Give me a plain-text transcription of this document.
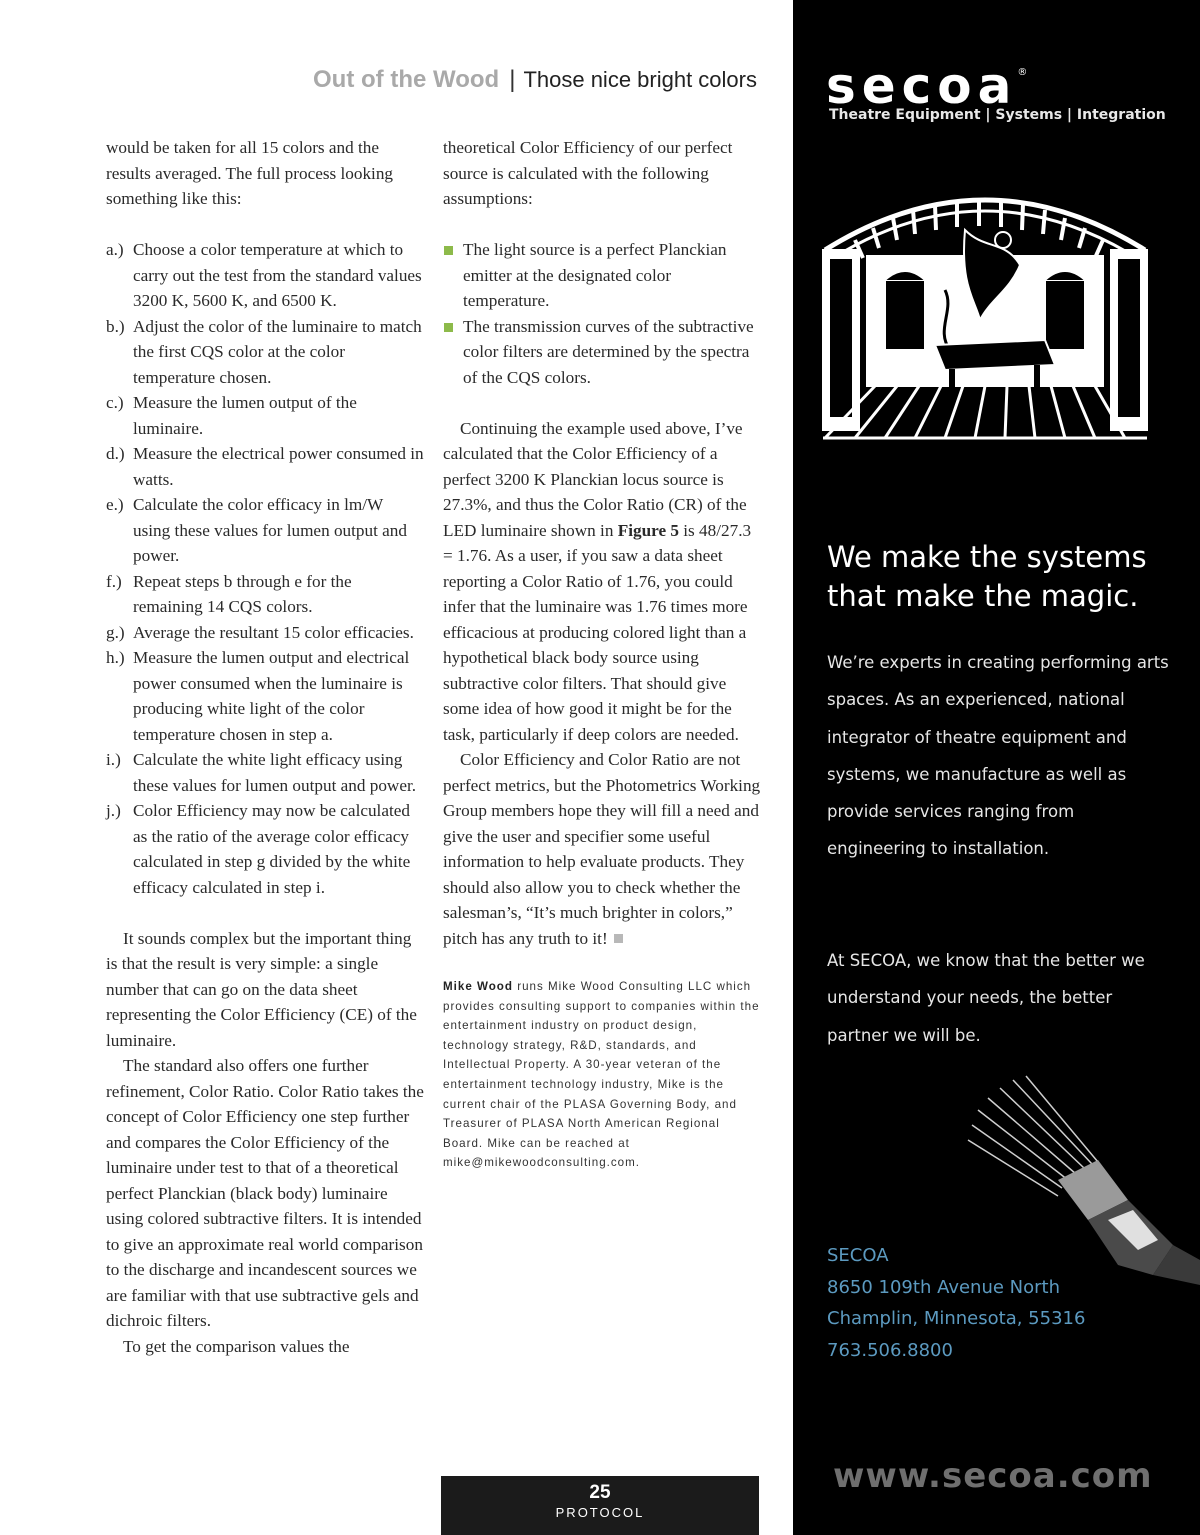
Out of the Wood | Those nice bright colors

would be taken for all 15 colors and the results averaged. The full process looking something like this:

a.) Choose a color temperature at which to carry out the test from the standard values 3200 K, 5600 K, and 6500 K.
b.) Adjust the color of the luminaire to match the first CQS color at the color temperature chosen.
c.) Measure the lumen output of the luminaire.
d.) Measure the electrical power consumed in watts.
e.) Calculate the color efficacy in lm/W using these values for lumen output and power.
f.) Repeat steps b through e for the remaining 14 CQS colors.
g.) Average the resultant 15 color efficacies.
h.) Measure the lumen output and electrical power consumed when the luminaire is producing white light of the color temperature chosen in step a.
i.) Calculate the white light efficacy using these values for lumen output and power.
j.) Color Efficiency may now be calculated as the ratio of the average color efficacy calculated in step g divided by the white efficacy calculated in step i.

It sounds complex but the important thing is that the result is very simple: a single number that can go on the data sheet representing the Color Efficiency (CE) of the luminaire.

The standard also offers one further refinement, Color Ratio. Color Ratio takes the concept of Color Efficiency one step further and compares the Color Efficiency of the luminaire under test to that of a theoretical perfect Planckian (black body) luminaire using colored subtractive filters. It is intended to give an approximate real world comparison to the discharge and incandescent sources we are familiar with that use subtractive gels and dichroic filters.

To get the comparison values the

theoretical Color Efficiency of our perfect source is calculated with the following assumptions:

The light source is a perfect Planckian emitter at the designated color temperature.
The transmission curves of the subtractive color filters are determined by the spectra of the CQS colors.

Continuing the example used above, I’ve calculated that the Color Efficiency of a perfect 3200 K Planckian locus source is 27.3%, and thus the Color Ratio (CR) of the LED luminaire shown in Figure 5 is 48/27.3 = 1.76. As a user, if you saw a data sheet reporting a Color Ratio of 1.76, you could infer that the luminaire was 1.76 times more efficacious at producing colored light than a hypothetical black body source using subtractive color filters. That should give some idea of how good it might be for the task, particularly if deep colors are needed.

Color Efficiency and Color Ratio are not perfect metrics, but the Photometrics Working Group members hope they will fill a need and give the user and specifier some useful information to help evaluate products. They should also allow you to check whether the salesman’s, “It’s much brighter in colors,” pitch has any truth to it!

Mike Wood runs Mike Wood Consulting LLC which provides consulting support to companies within the entertainment industry on product design, technology strategy, R&D, standards, and Intellectual Property. A 30-year veteran of the entertainment technology industry, Mike is the current chair of the PLASA Governing Body, and Treasurer of PLASA North American Regional Board. Mike can be reached at mike@mikewoodconsulting.com.

25
PROTOCOL
secoa®
Theatre Equipment | Systems | Integration
We make the systems
that make the magic.
We’re experts in creating performing arts spaces. As an experienced, national integrator of theatre equipment and systems, we manufacture as well as provide services ranging from engineering to installation.
At SECOA, we know that the better we understand your needs, the better partner we will be.
SECOA
8650 109th Avenue North
Champlin, Minnesota, 55316
763.506.8800
www.secoa.com
